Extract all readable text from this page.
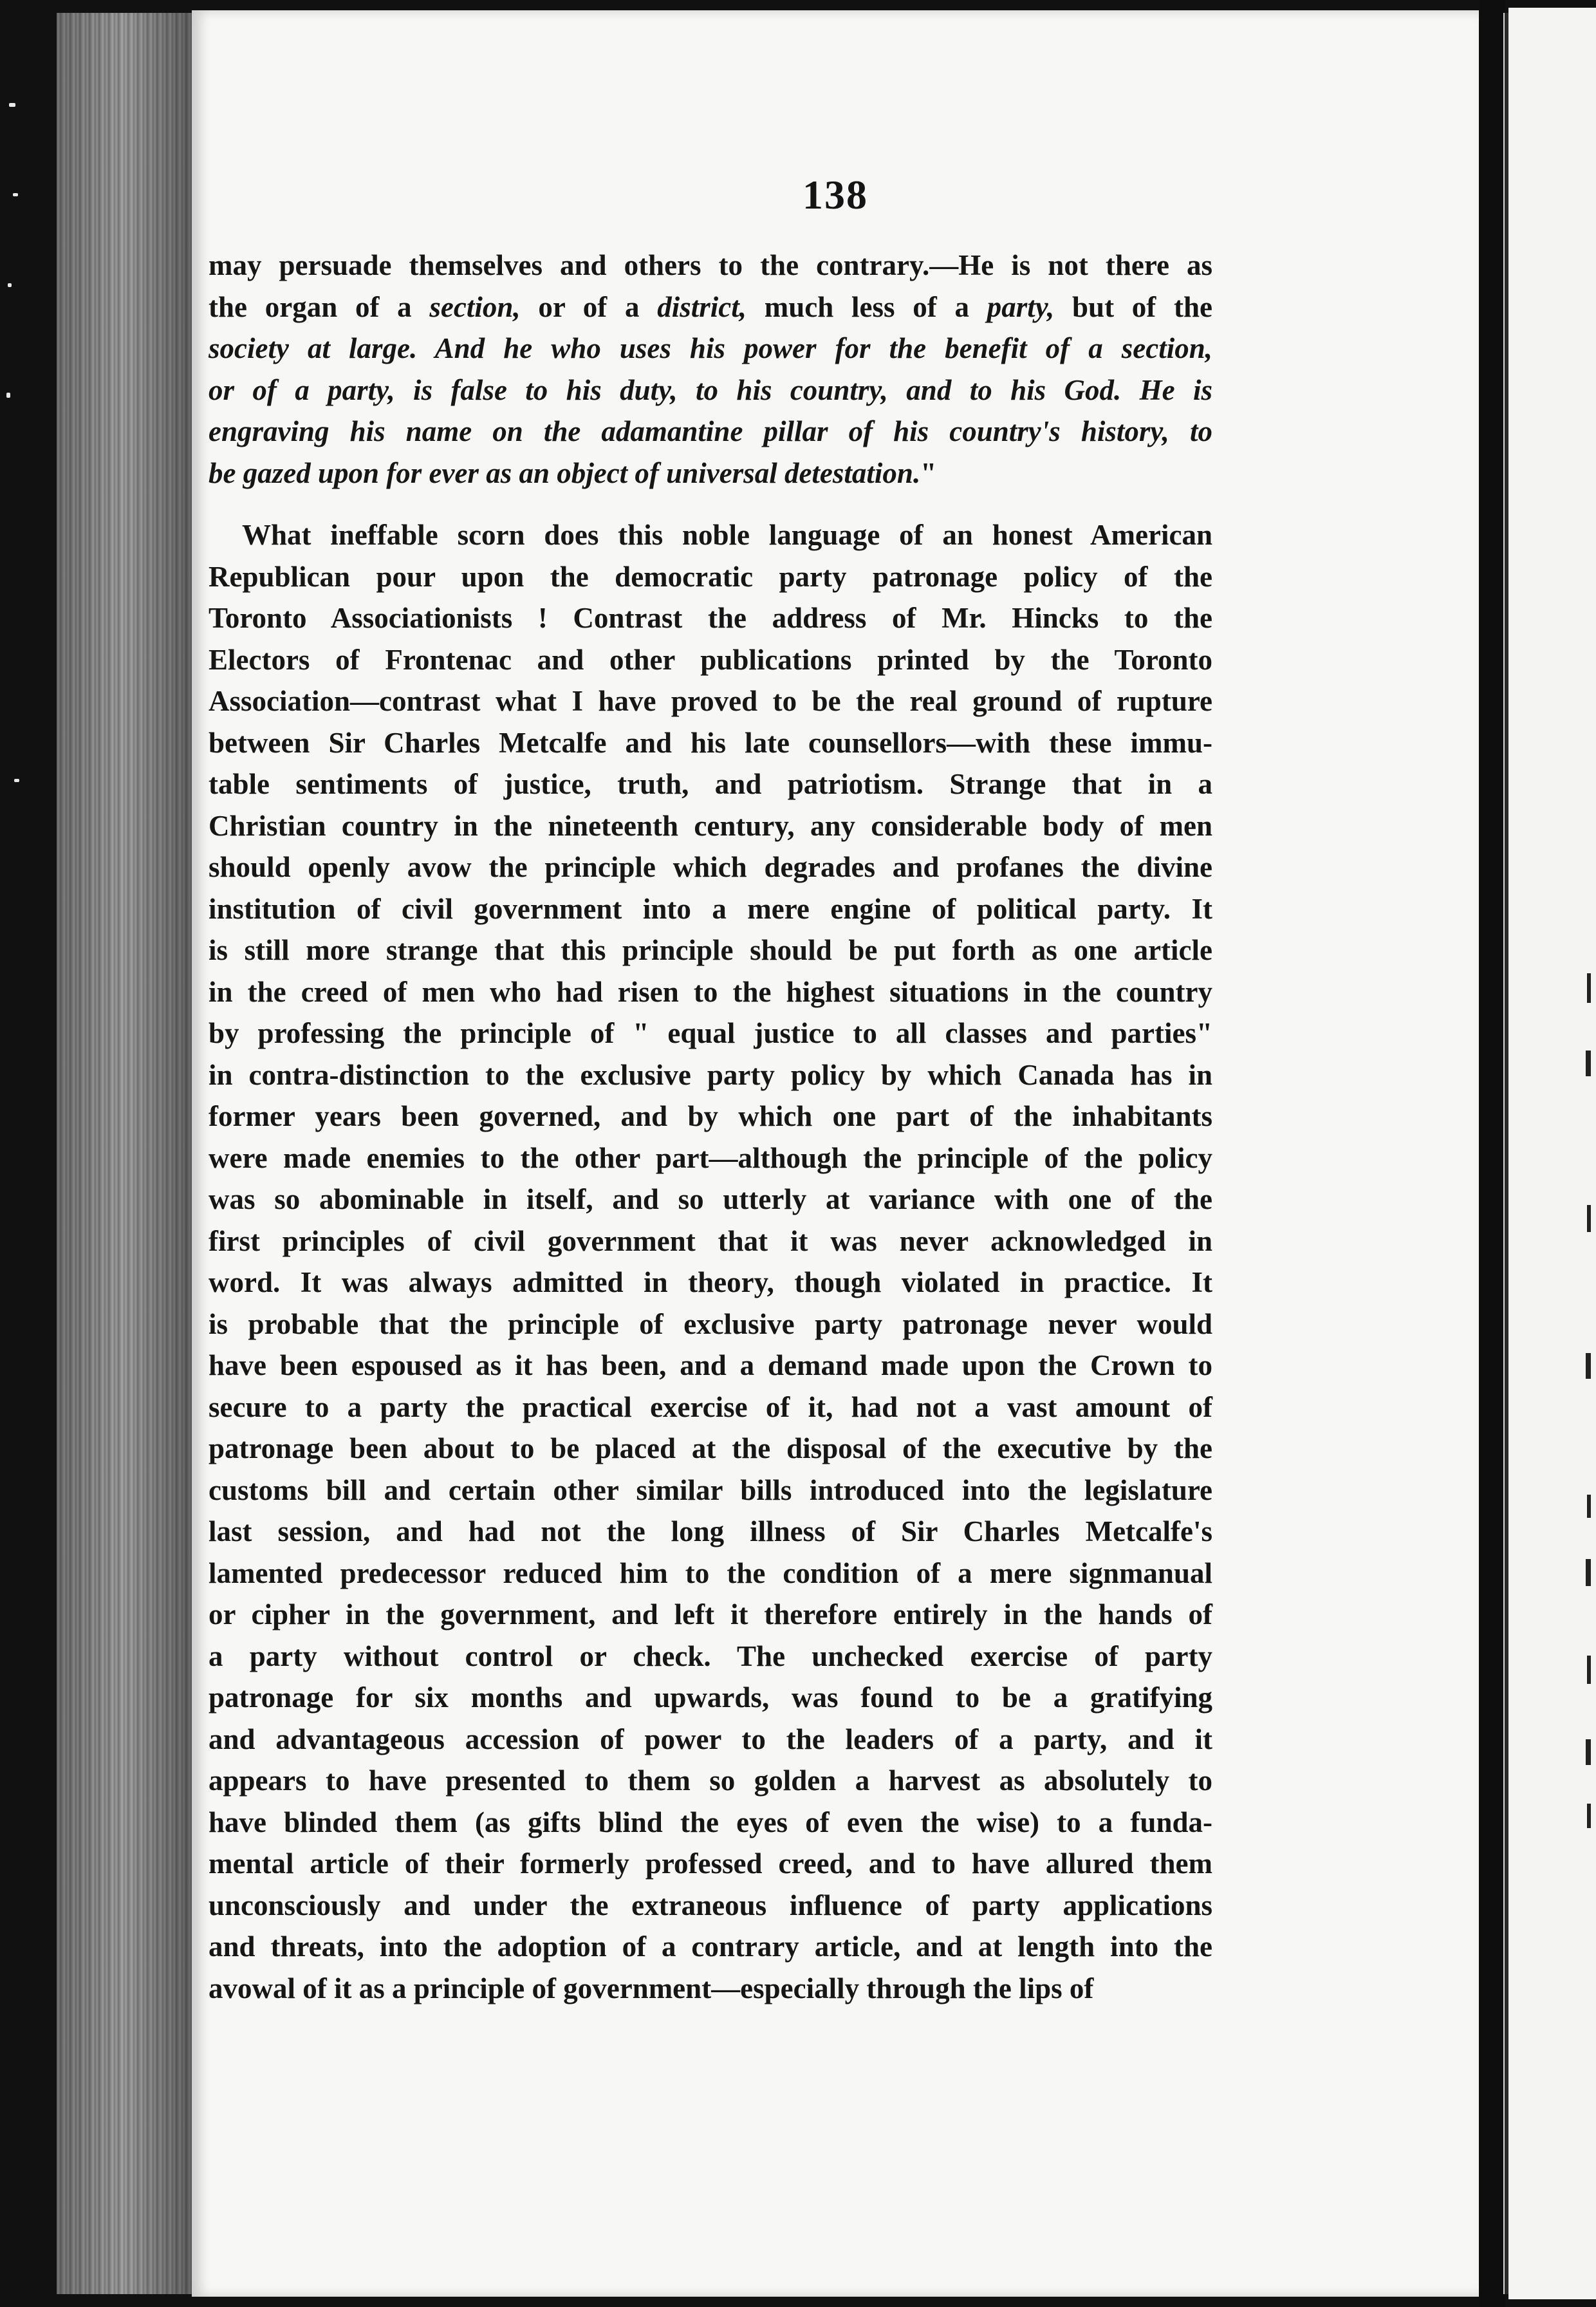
138

may persuade themselves and others to the contrary.—He is not there as

the organ of a section, or of a district, much less of a party, but of the

society at large. And he who uses his power for the benefit of a section,

or of a party, is false to his duty, to his country, and to his God. He is

engraving his name on the adamantine pillar of his country's history, to

be gazed upon for ever as an object of universal detestation."

What ineffable scorn does this noble language of an honest American

Republican pour upon the democratic party patronage policy of the

Toronto Associationists ! Contrast the address of Mr. Hincks to the

Electors of Frontenac and other publications printed by the Toronto

Association—contrast what I have proved to be the real ground of rupture

between Sir Charles Metcalfe and his late counsellors—with these immu-

table sentiments of justice, truth, and patriotism. Strange that in a

Christian country in the nineteenth century, any considerable body of men

should openly avow the principle which degrades and profanes the divine

institution of civil government into a mere engine of political party. It

is still more strange that this principle should be put forth as one article

in the creed of men who had risen to the highest situations in the country

by professing the principle of " equal justice to all classes and parties"

in contra-distinction to the exclusive party policy by which Canada has in

former years been governed, and by which one part of the inhabitants

were made enemies to the other part—although the principle of the policy

was so abominable in itself, and so utterly at variance with one of the

first principles of civil government that it was never acknowledged in

word. It was always admitted in theory, though violated in practice. It

is probable that the principle of exclusive party patronage never would

have been espoused as it has been, and a demand made upon the Crown to

secure to a party the practical exercise of it, had not a vast amount of

patronage been about to be placed at the disposal of the executive by the

customs bill and certain other similar bills introduced into the legislature

last session, and had not the long illness of Sir Charles Metcalfe's

lamented predecessor reduced him to the condition of a mere signmanual

or cipher in the government, and left it therefore entirely in the hands of

a party without control or check. The unchecked exercise of party

patronage for six months and upwards, was found to be a gratifying

and advantageous accession of power to the leaders of a party, and it

appears to have presented to them so golden a harvest as absolutely to

have blinded them (as gifts blind the eyes of even the wise) to a funda-

mental article of their formerly professed creed, and to have allured them

unconsciously and under the extraneous influence of party applications

and threats, into the adoption of a contrary article, and at length into the

avowal of it as a principle of government—especially through the lips of
